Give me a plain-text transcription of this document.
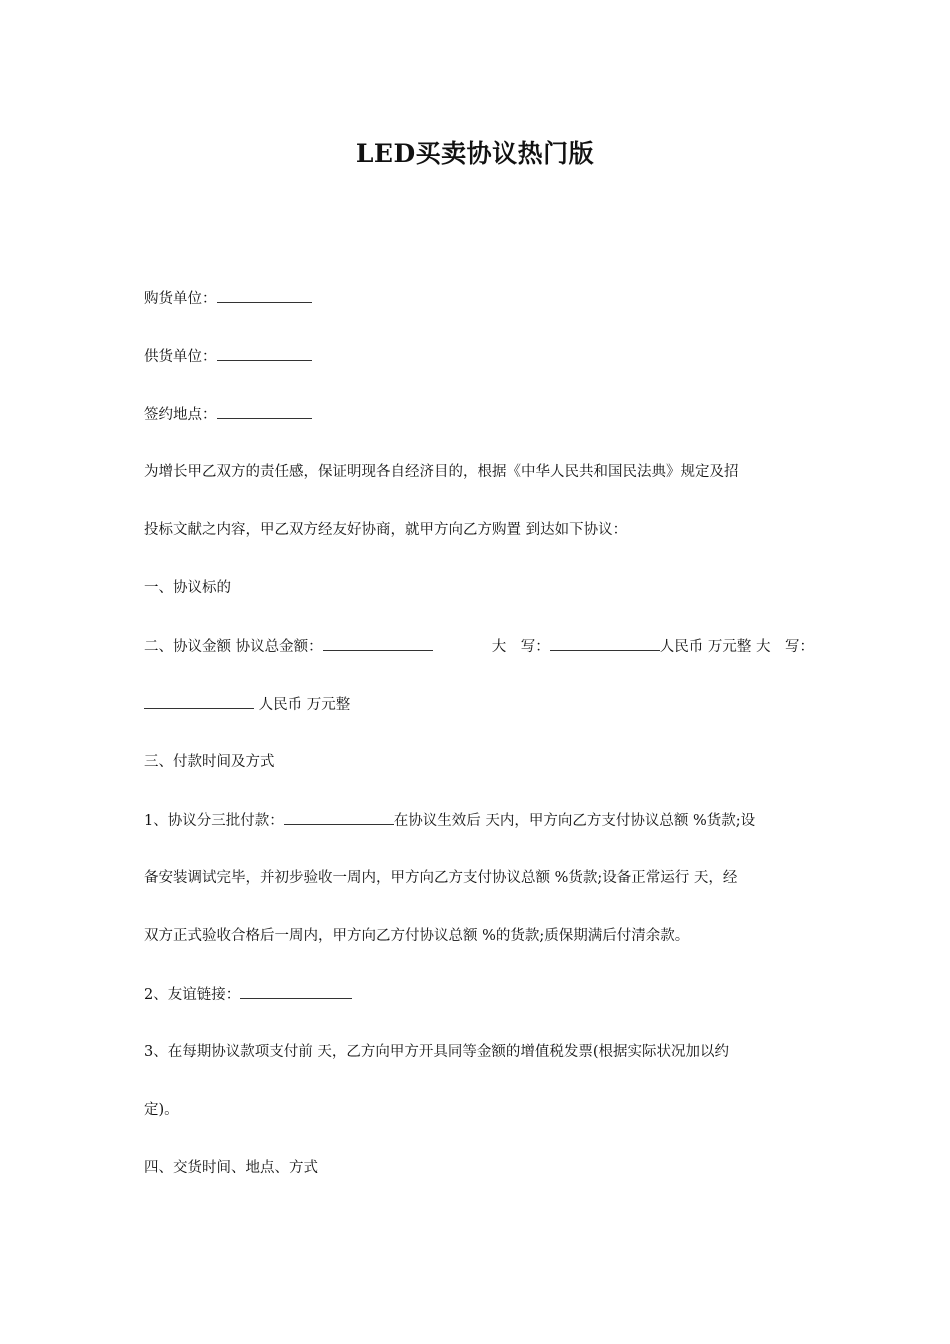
LED买卖协议热门版
购货单位：
供货单位：
签约地点：
为增长甲乙双方的责任感，保证明现各自经济目的，根据《中华人民共和国民法典》规定及招
投标文献之内容，甲乙双方经友好协商，就甲方向乙方购置 到达如下协议：
一、协议标的
二、协议金额 协议总金额：	大　写：	人民币 万元整 大　写：
人民币 万元整
三、付款时间及方式
1、协议分三批付款：	在协议生效后 天内，甲方向乙方支付协议总额 %货款;设
备安装调试完毕，并初步验收一周内，甲方向乙方支付协议总额 %货款;设备正常运行 天，经
双方正式验收合格后一周内，甲方向乙方付协议总额 %的货款;质保期满后付清余款。
2、友谊链接：
3、在每期协议款项支付前 天，乙方向甲方开具同等金额的增值税发票(根据实际状况加以约
定)。
四、交货时间、地点、方式
